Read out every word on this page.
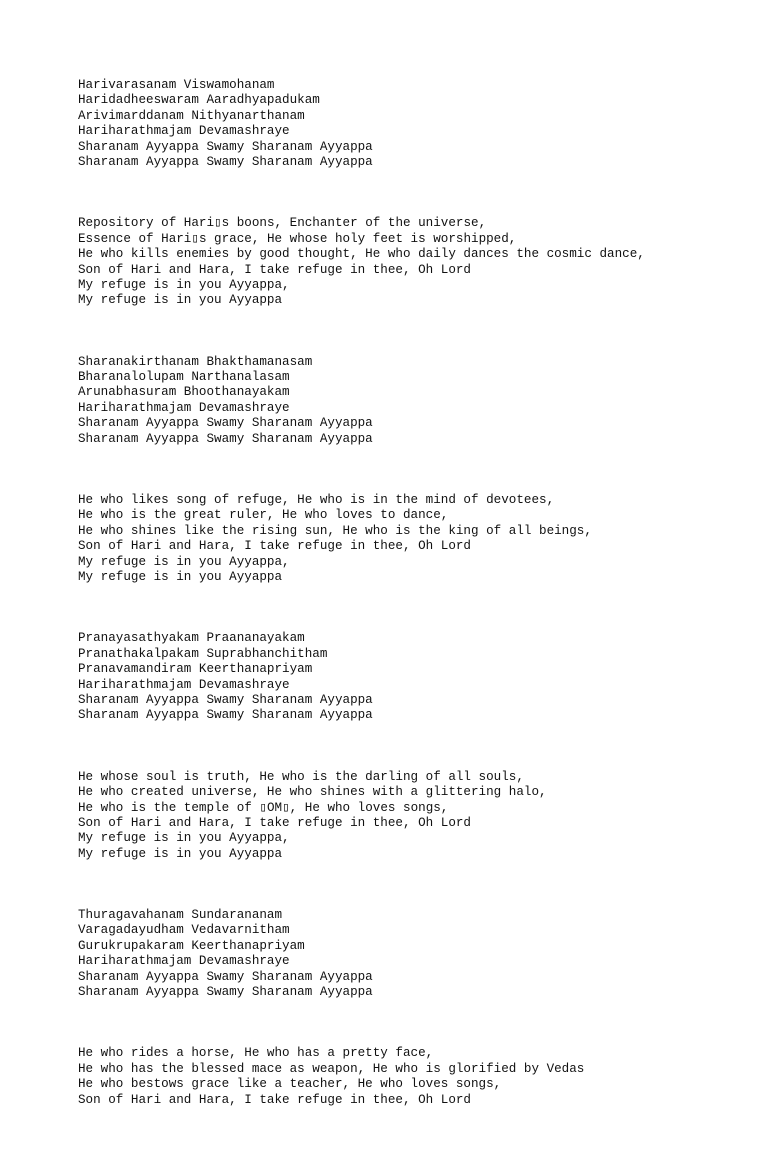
Harivarasanam Viswamohanam
Haridadheeswaram Aaradhyapadukam
Arivimarddanam Nithyanarthanam
Hariharathmajam Devamashraye
Sharanam Ayyappa Swamy Sharanam Ayyappa
Sharanam Ayyappa Swamy Sharanam Ayyappa
Repository of Hari▯s boons, Enchanter of the universe,
Essence of Hari▯s grace, He whose holy feet is worshipped,
He who kills enemies by good thought, He who daily dances the cosmic dance,
Son of Hari and Hara, I take refuge in thee, Oh Lord
My refuge is in you Ayyappa,
My refuge is in you Ayyappa
Sharanakirthanam Bhakthamanasam
Bharanalolupam Narthanalasam
Arunabhasuram Bhoothanayakam
Hariharathmajam Devamashraye
Sharanam Ayyappa Swamy Sharanam Ayyappa
Sharanam Ayyappa Swamy Sharanam Ayyappa
He who likes song of refuge, He who is in the mind of devotees,
He who is the great ruler, He who loves to dance,
He who shines like the rising sun, He who is the king of all beings,
Son of Hari and Hara, I take refuge in thee, Oh Lord
My refuge is in you Ayyappa,
My refuge is in you Ayyappa
Pranayasathyakam Praananayakam
Pranathakalpakam Suprabhanchitham
Pranavamandiram Keerthanapriyam
Hariharathmajam Devamashraye
Sharanam Ayyappa Swamy Sharanam Ayyappa
Sharanam Ayyappa Swamy Sharanam Ayyappa
He whose soul is truth, He who is the darling of all souls,
He who created universe, He who shines with a glittering halo,
He who is the temple of ▯OM▯, He who loves songs,
Son of Hari and Hara, I take refuge in thee, Oh Lord
My refuge is in you Ayyappa,
My refuge is in you Ayyappa
Thuragavahanam Sundarananam
Varagadayudham Vedavarnitham
Gurukrupakaram Keerthanapriyam
Hariharathmajam Devamashraye
Sharanam Ayyappa Swamy Sharanam Ayyappa
Sharanam Ayyappa Swamy Sharanam Ayyappa
He who rides a horse, He who has a pretty face,
He who has the blessed mace as weapon, He who is glorified by Vedas
He who bestows grace like a teacher, He who loves songs,
Son of Hari and Hara, I take refuge in thee, Oh Lord
